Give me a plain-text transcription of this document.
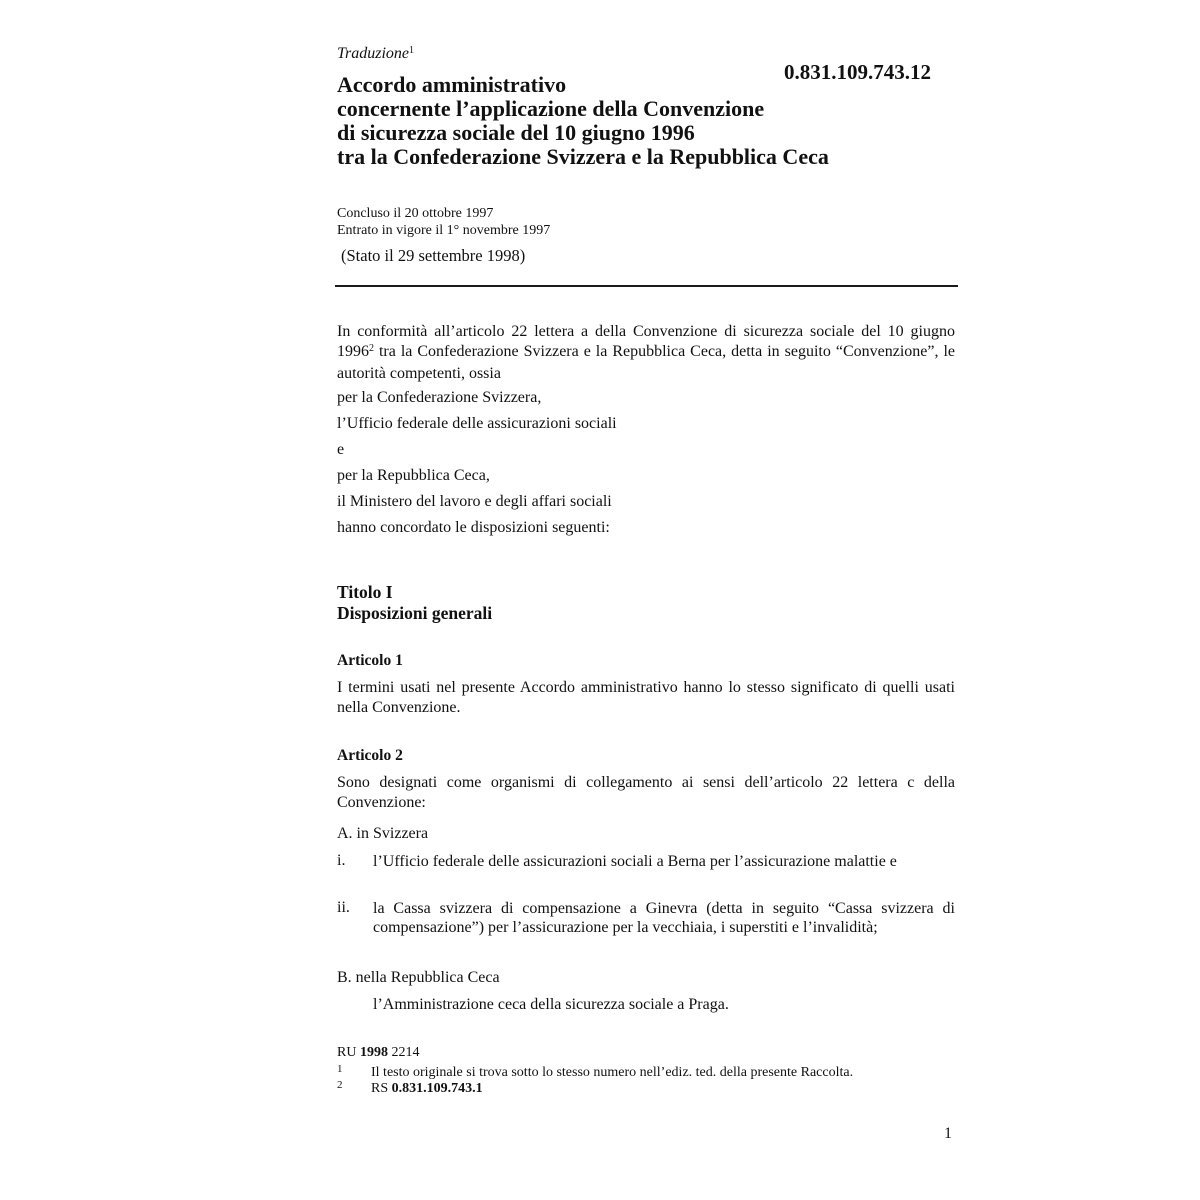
Traduzione$^1$
0.831.109.743.12
Accordo amministrativo
concernente l’applicazione della Convenzione
di sicurezza sociale del 10 giugno 1996
tra la Confederazione Svizzera e la Repubblica Ceca
Concluso il 20 ottobre 1997
Entrato in vigore il 1° novembre 1997
(Stato il 29 settembre 1998)
In conformità all’articolo 22 lettera a della Convenzione di sicurezza sociale del 10 giugno 1996$^2$ tra la Confederazione Svizzera e la Repubblica Ceca, detta in seguito “Convenzione”, le autorità competenti, ossia
per la Confederazione Svizzera,
l’Ufficio federale delle assicurazioni sociali
e
per la Repubblica Ceca,
il Ministero del lavoro e degli affari sociali
hanno concordato le disposizioni seguenti:
Titolo I
Disposizioni generali
Articolo 1
I termini usati nel presente Accordo amministrativo hanno lo stesso significato di quelli usati nella Convenzione.
Articolo 2
Sono designati come organismi di collegamento ai sensi dell’articolo 22 lettera c della Convenzione:
A. in Svizzera
i. l’Ufficio federale delle assicurazioni sociali a Berna per l’assicurazione malattie e
ii. la Cassa svizzera di compensazione a Ginevra (detta in seguito “Cassa svizzera di compensazione”) per l’assicurazione per la vecchiaia, i superstiti e l’invalidità;
B. nella Repubblica Ceca
l’Amministrazione ceca della sicurezza sociale a Praga.
RU 1998 2214
1 Il testo originale si trova sotto lo stesso numero nell’ediz. ted. della presente Raccolta.
2 RS 0.831.109.743.1
1
